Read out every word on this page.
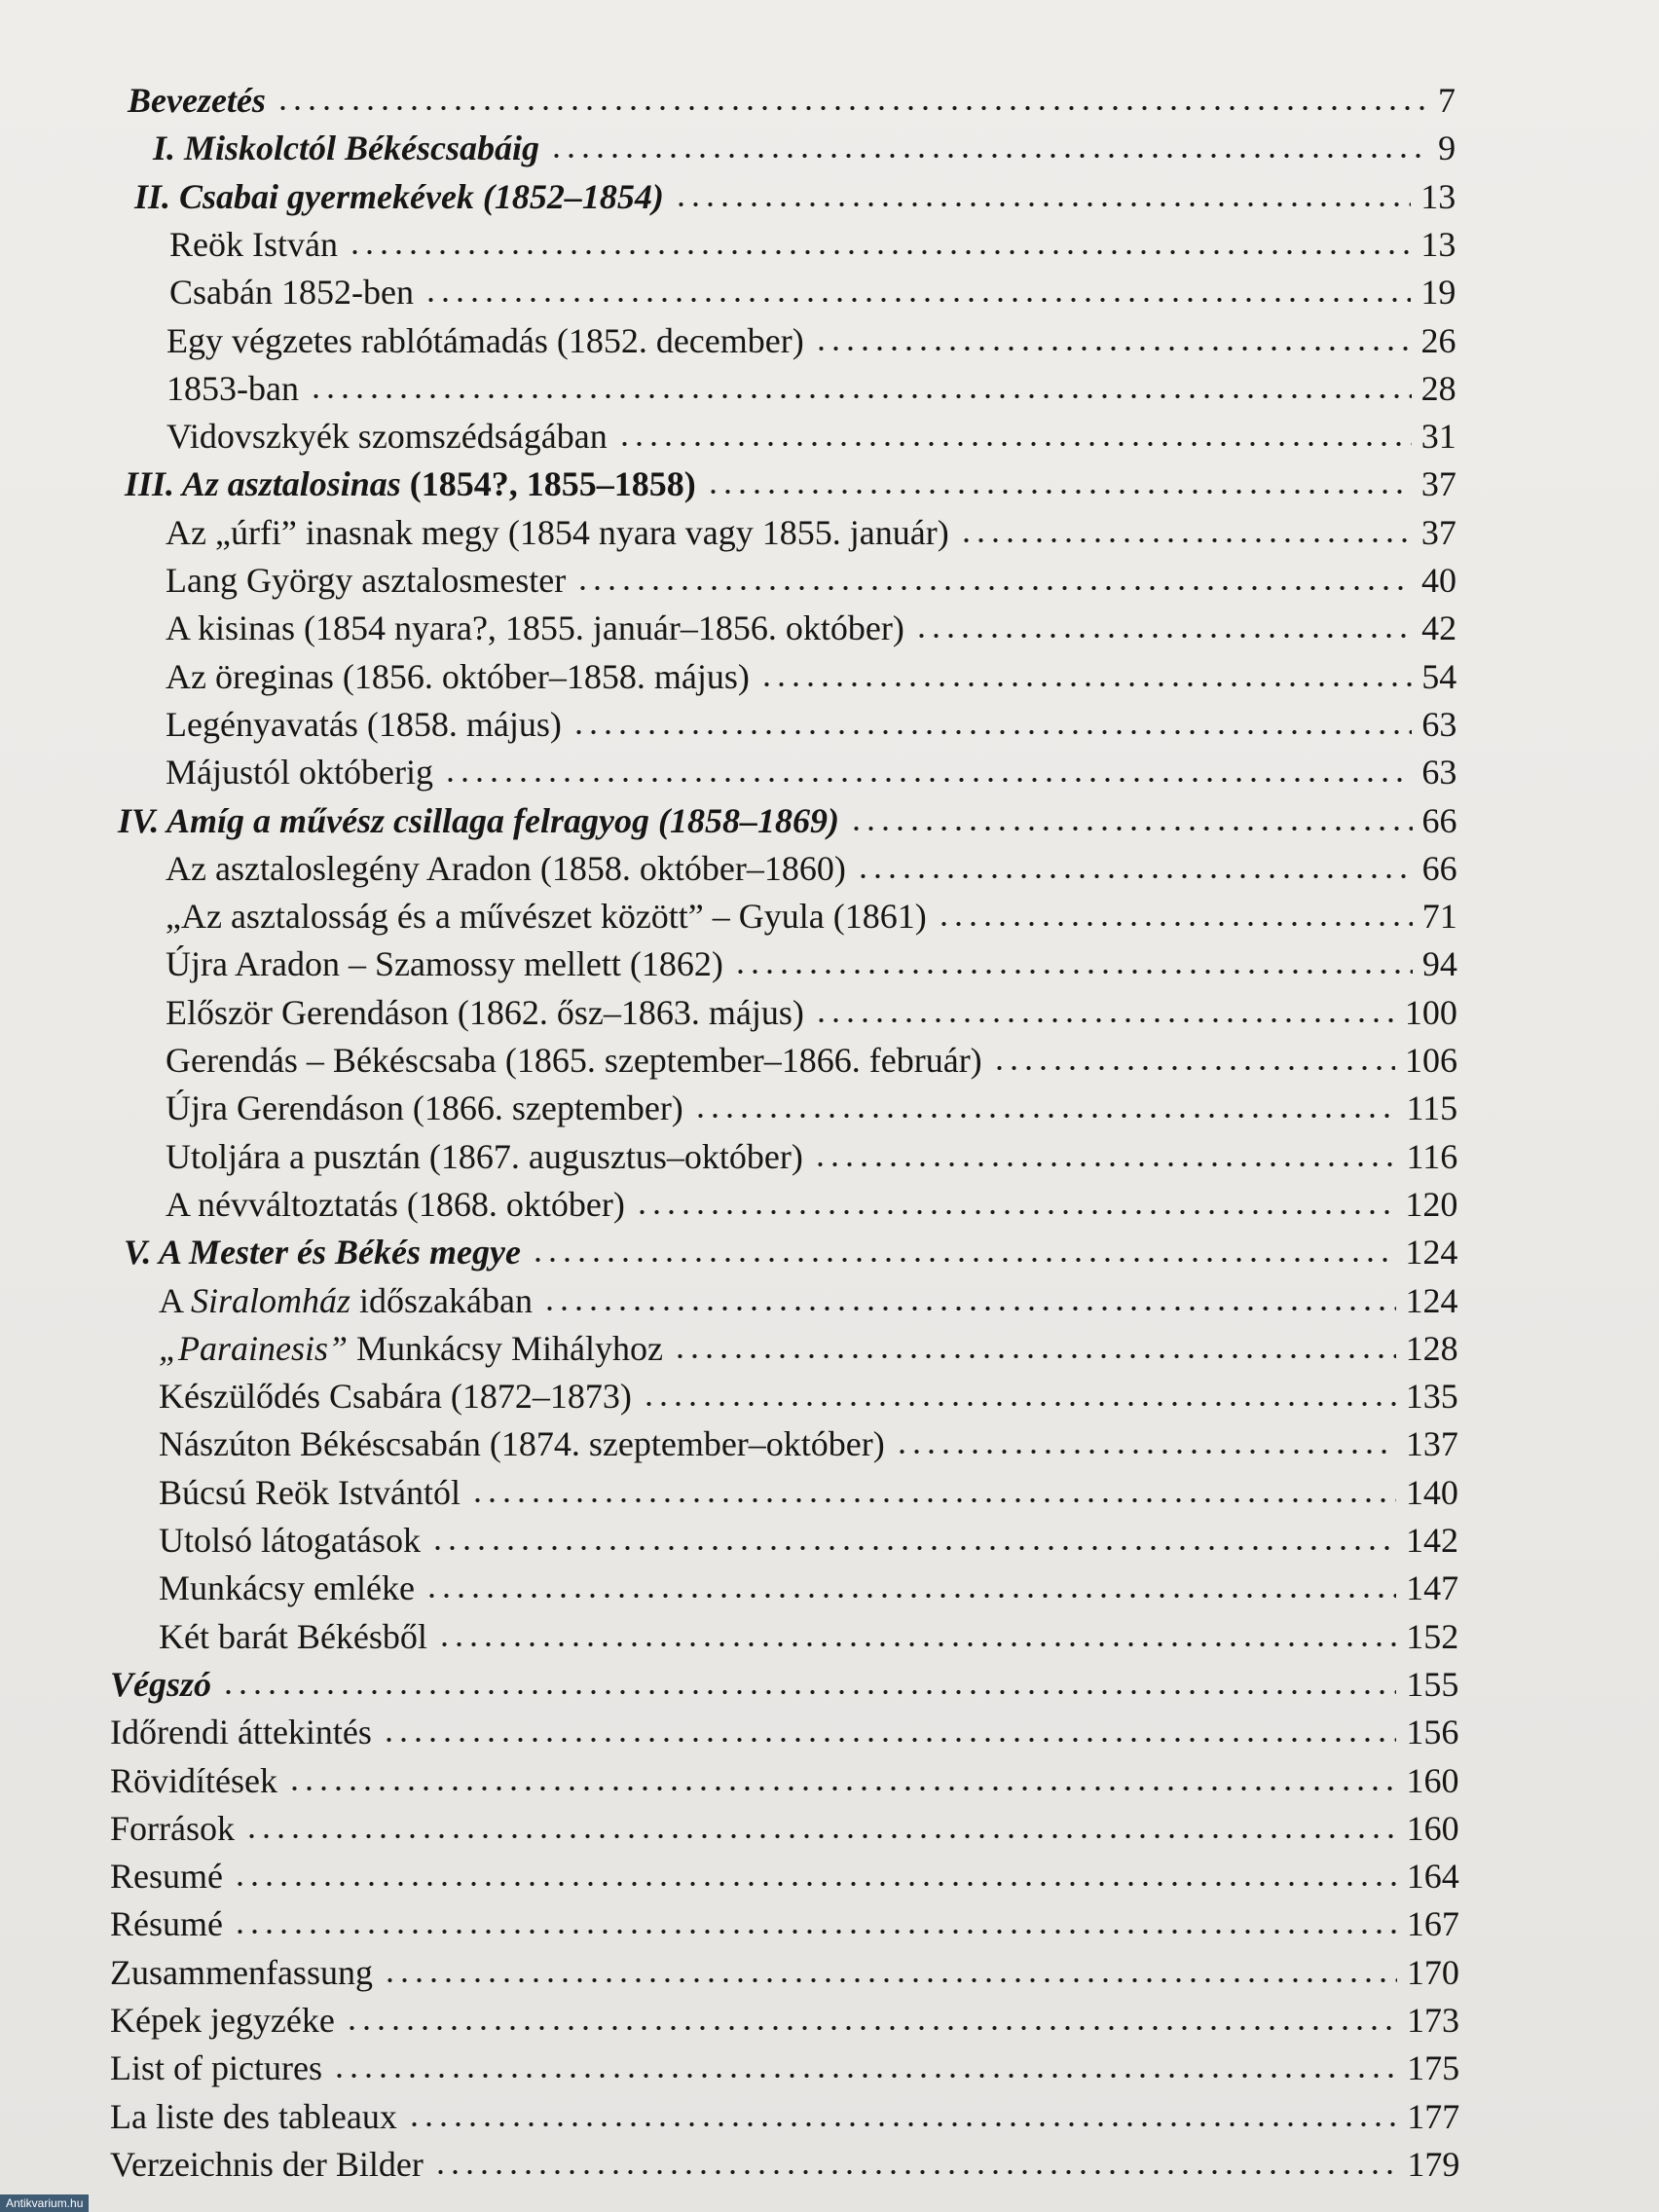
Bevezetés	7
I. Miskolctól Békéscsabáig	9
II. Csabai gyermekévek (1852–1854)	13
Reök István	13
Csabán 1852-ben	19
Egy végzetes rablótámadás (1852. december)	26
1853-ban	28
Vidovszkyék szomszédságában	31
III. Az asztalosinas (1854?, 1855–1858)	37
Az „úrfi” inasnak megy (1854 nyara vagy 1855. január)	37
Lang György asztalosmester	40
A kisinas (1854 nyara?, 1855. január–1856. október)	42
Az öreginas (1856. október–1858. május)	54
Legényavatás (1858. május)	63
Májustól októberig	63
IV. Amíg a művész csillaga felragyog (1858–1869)	66
Az asztaloslegény Aradon (1858. október–1860)	66
„Az asztalosság és a művészet között” – Gyula (1861)	71
Újra Aradon – Szamossy mellett (1862)	94
Először Gerendáson (1862. ősz–1863. május)	100
Gerendás – Békéscsaba (1865. szeptember–1866. február)	106
Újra Gerendáson (1866. szeptember)	115
Utoljára a pusztán (1867. augusztus–október)	116
A névváltoztatás (1868. október)	120
V. A Mester és Békés megye	124
A Siralomház időszakában	124
„Parainesis” Munkácsy Mihályhoz	128
Készülődés Csabára (1872–1873)	135
Nászúton Békéscsabán (1874. szeptember–október)	137
Búcsú Reök Istvántól	140
Utolsó látogatások	142
Munkácsy emléke	147
Két barát Békésből	152
Végszó	155
Időrendi áttekintés	156
Rövidítések	160
Források	160
Resumé	164
Résumé	167
Zusammenfassung	170
Képek jegyzéke	173
List of pictures	175
La liste des tableaux	177
Verzeichnis der Bilder	179
Antikvarium.hu
